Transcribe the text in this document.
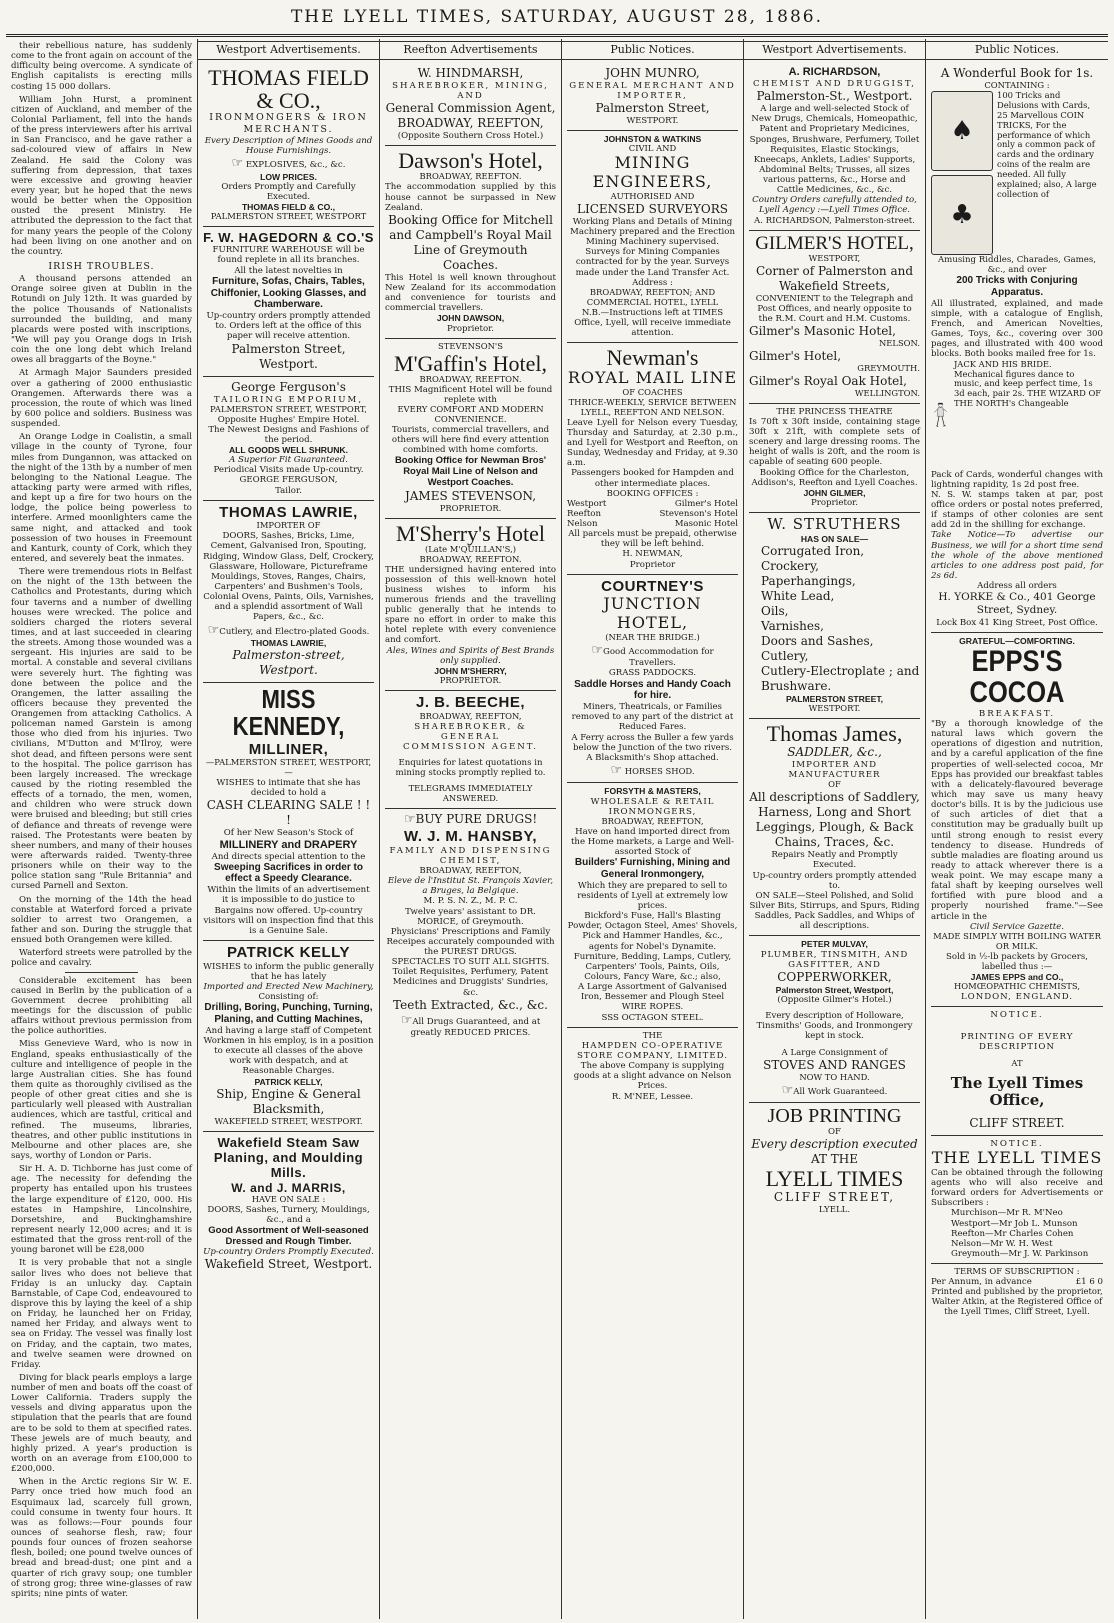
THE LYELL TIMES, SATURDAY, AUGUST 28, 1886.

their rebellious nature, has suddenly come to the front again on account of the difficulty being overcome. A syndicate of English capitalists is erecting mills costing 15 000 dollars.

William John Hurst, a prominent citizen of Auckland, and member of the Colonial Parliament, fell into the hands of the press interviewers after his arrival in San Francisco, and he gave rather a sad-coloured view of affairs in New Zealand. He said the Colony was suffering from depression, that taxes were excessive and growing heavier every year, but he hoped that the news would be better when the Opposition ousted the present Ministry. He attributed the depression to the fact that for many years the people of the Colony had been living on one another and on the country.

IRISH TROUBLES.

A thousand persons attended an Orange soiree given at Dublin in the Rotundi on July 12th. It was guarded by the police Thousands of Nationalists surrounded the building, and many placards were posted with inscriptions, "We will pay you Orange dogs in Irish coin the one long debt which Ireland owes all braggarts of the Boyne."

At Armagh Major Saunders presided over a gathering of 2000 enthusiastic Orangemen. Afterwards there was a procession, the route of which was lined by 600 police and soldiers. Business was suspended.

An Orange Lodge in Coalistin, a small village in the county of Tyrone, four miles from Dungannon, was attacked on the night of the 13th by a number of men belonging to the National League. The attacking party were armed with rifles, and kept up a fire for two hours on the lodge, the police being powerless to interfere. Armed moonlighters came the same night, and attacked and took possession of two houses in Freemount and Kanturk, county of Cork, which they entered, and severely beat the inmates.

There were tremendous riots in Belfast on the night of the 13th between the Catholics and Protestants, during which four taverns and a number of dwelling houses were wrecked. The police and soldiers charged the rioters several times, and at last succeeded in clearing the streets. Among those wounded was a sergeant. His injuries are said to be mortal. A constable and several civilians were severely hurt. The fighting was done between the police and the Orangemen, the latter assailing the officers because they prevented the Orangemen from attacking Catholics. A policeman named Garstein is among those who died from his injuries. Two civilians, M'Dutton and M'Ilroy, were shot dead, and fifteen persons were sent to the hospital. The police garrison has been largely increased. The wreckage caused by the rioting resembled the effects of a tornado, the men, women, and children who were struck down were bruised and bleeding; but still cries of defiance and threats of revenge were raised. The Protestants were beaten by sheer numbers, and many of their houses were afterwards raided. Twenty-three prisoners while on their way to the police station sang "Rule Britannia" and cursed Parnell and Sexton.

On the morning of the 14th the head constable at Waterford forced a private soldier to arrest two Orangemen, a father and son. During the struggle that ensued both Orangemen were killed.

Waterford streets were patrolled by the police and cavalry.

Considerable excitement has been caused in Berlin by the publication of a Government decree prohibiting all meetings for the discussion of public affairs without previous permission from the police authorities.

Miss Genevieve Ward, who is now in England, speaks enthusiastically of the culture and intelligence of people in the large Australian cities. She has found them quite as thoroughly civilised as the people of other great cities and she is particularly well pleased with Australian audiences, which are tastful, critical and refined. The museums, libraries, theatres, and other public institutions in Melbourne and other places are, she says, worthy of London or Paris.

Sir H. A. D. Tichborne has just come of age. The necessity for defending the property has entailed upon his trustees the large expenditure of £120, 000. His estates in Hampshire, Lincolnshire, Dorsetshire, and Buckinghamshire represent nearly 12,000 acres; and it is estimated that the gross rent-roll of the young baronet will be £28,000

It is very probable that not a single sailor lives who does not believe that Friday is an unlucky day. Captain Barnstable, of Cape Cod, endeavoured to disprove this by laying the keel of a ship on Friday, he launched her on Friday, named her Friday, and always went to sea on Friday. The vessel was finally lost on Friday, and the captain, two mates, and twelve seamen were drowned on Friday.

Diving for black pearls employs a large number of men and boats off the coast of Lower California. Traders supply the vessels and diving apparatus upon the stipulation that the pearls that are found are to be sold to them at specified rates. These jewels are of much beauty, and highly prized. A year's production is worth on an average from £100,000 to £200,000.

When in the Arctic regions Sir W. E. Parry once tried how much food an Esquimaux lad, scarcely full grown, could consume in twenty four hours. It was as follows:—Four pounds four ounces of seahorse flesh, raw; four pounds four ounces of frozen seahorse flesh, boiled; one pound twelve ounces of bread and bread-dust; one pint and a quarter of rich gravy soup; one tumbler of strong grog; three wine-glasses of raw spirits; nine pints of water.

Westport Advertisements.
THOMAS FIELD & CO.,
IRONMONGERS & IRON MERCHANTS.
Every Description of Mines Goods and House Furnishings.
☞ EXPLOSIVES, &c., &c.
LOW PRICES.
Orders Promptly and Carefully Executed.
THOMAS FIELD & CO.,
PALMERSTON STREET, WESTPORT
F. W. HAGEDORN & CO.'S
FURNITURE WAREHOUSE will be found replete in all its branches.
All the latest novelties in
Furniture, Sofas, Chairs, Tables, Chiffonier, Looking Glasses, and Chamberware.
Up-country orders promptly attended to. Orders left at the office of this paper will receive attention.
Palmerston Street, Westport.
George Ferguson's
TAILORING EMPORIUM,
PALMERSTON STREET, WESTPORT,
Opposite Hughes' Empire Hotel.
The Newest Designs and Fashions of the period.
ALL GOODS WELL SHRUNK.
A Superior Fit Guaranteed.
Periodical Visits made Up-country.
GEORGE FERGUSON,
Tailor.
THOMAS LAWRIE,
IMPORTER OF
DOORS, Sashes, Bricks, Lime, Cement, Galvanised Iron, Spouting, Ridging, Window Glass, Delf, Crockery, Glassware, Holloware, Pictureframe Mouldings, Stoves, Ranges, Chairs, Carpenters' and Bushmen's Tools, Colonial Ovens, Paints, Oils, Varnishes, and a splendid assortment of Wall Papers, &c., &c.
☞Cutlery, and Electro-plated Goods.
THOMAS LAWRIE,
Palmerston-street, Westport.
MISS KENNEDY,
MILLINER,
—PALMERSTON STREET, WESTPORT,—
WISHES to intimate that she has decided to hold a
CASH CLEARING SALE ! ! !
Of her New Season's Stock of
MILLINERY and DRAPERY
And directs special attention to the
Sweeping Sacrifices in order to effect a Speedy Clearance.
Within the limits of an advertisement it is impossible to do justice to Bargains now offered. Up-country visitors will on inspection find that this is a Genuine Sale.
PATRICK KELLY
WISHES to inform the public generally that he has lately
Imported and Erected New Machinery,
Consisting of:
Drilling, Boring, Punching, Turning, Planing, and Cutting Machines,
And having a large staff of Competent Workmen in his employ, is in a position to execute all classes of the above work with despatch, and at Reasonable Charges.
PATRICK KELLY,
Ship, Engine & General Blacksmith,
WAKEFIELD STREET, WESTPORT.
Wakefield Steam Saw Planing, and Moulding Mills.
W. and J. MARRIS,
HAVE ON SALE :
DOORS, Sashes, Turnery, Mouldings, &c., and a
Good Assortment of Well-seasoned Dressed and Rough Timber.
Up-country Orders Promptly Executed.
Wakefield Street, Westport.
Reefton Advertisements
W. HINDMARSH,
SHAREBROKER, MINING, AND
General Commission Agent,
BROADWAY, REEFTON,
(Opposite Southern Cross Hotel.)
Dawson's Hotel,
BROADWAY, REEFTON.
The accommodation supplied by this house cannot be surpassed in New Zealand.
Booking Office for Mitchell and Campbell's Royal Mail Line of Greymouth Coaches.
This Hotel is well known throughout New Zealand for its accommodation and convenience for tourists and commercial travellers.
JOHN DAWSON,
Proprietor.
STEVENSON'S
M'Gaffin's Hotel,
BROADWAY, REEFTON.
THIS Magnificent Hotel will be found replete with
EVERY COMFORT AND MODERN CONVENIENCE.
Tourists, commercial travellers, and others will here find every attention combined with home comforts.
Booking Office for Newman Bros' Royal Mail Line of Nelson and Westport Coaches.
JAMES STEVENSON,
PROPRIETOR.
M'Sherry's Hotel
(Late M'QUILLAN'S,)
BROADWAY, REEFTON.
THE undersigned having entered into possession of this well-known hotel business wishes to inform his numerous friends and the travelling public generally that he intends to spare no effort in order to make this hotel replete with every convenience and comfort.
Ales, Wines and Spirits of Best Brands only supplied.
JOHN M'SHERRY,
PROPRIETOR.
J. B. BEECHE,
BROADWAY, REEFTON,
SHAREBROKER, & GENERAL
COMMISSION AGENT.
Enquiries for latest quotations in mining stocks promptly replied to.
TELEGRAMS IMMEDIATELY ANSWERED.
☞BUY PURE DRUGS!
W. J. M. HANSBY,
FAMILY AND DISPENSING CHEMIST,
BROADWAY, REEFTON,
Eleve de l'Institut St. François Xavier, a Bruges, la Belgique.
M. P. S. N. Z., M. P. C.
Twelve years' assistant to DR. MORICE, of Greymouth.
Physicians' Prescriptions and Family Receipes accurately compounded with the PUREST DRUGS.
SPECTACLES TO SUIT ALL SIGHTS.
Toilet Requisites, Perfumery, Patent Medicines and Druggists' Sundries, &c.
Teeth Extracted, &c., &c.
☞All Drugs Guaranteed, and at greatly REDUCED PRICES.
Public Notices.
JOHN MUNRO,
GENERAL MERCHANT AND IMPORTER,
Palmerston Street,
WESTPORT.
JOHNSTON & WATKINS
CIVIL AND
MINING ENGINEERS,
AUTHORISED AND
LICENSED SURVEYORS
Working Plans and Details of Mining Machinery prepared and the Erection Mining Machinery supervised.
Surveys for Mining Companies contracted for by the year. Surveys made under the Land Transfer Act.
Address :
BROADWAY, REEFTON; AND COMMERCIAL HOTEL, LYELL
N.B.—Instructions left at TIMES Office, Lyell, will receive immediate attention.
Newman's
ROYAL MAIL LINE
OF COACHES
THRICE-WEEKLY, SERVICE BETWEEN LYELL, REEFTON AND NELSON.
Leave Lyell for Nelson every Tuesday, Thursday and Saturday, at 2.30 p.m., and Lyell for Westport and Reefton, on Sunday, Wednesday and Friday, at 9.30 a.m.
Passengers booked for Hampden and other intermediate places.
BOOKING OFFICES :
Westport	Gilmer's Hotel
Reefton	Stevenson's Hotel
Nelson	Masonic Hotel
All parcels must be prepaid, otherwise they will be left behind.
H. NEWMAN,
Proprietor
COURTNEY'S
JUNCTION HOTEL,
(NEAR THE BRIDGE.)
☞Good Accommodation for Travellers.
GRASS PADDOCKS.
Saddle Horses and Handy Coach for hire.
Miners, Theatricals, or Families removed to any part of the district at Reduced Fares.
A Ferry across the Buller a few yards below the Junction of the two rivers.
A Blacksmith's Shop attached.
☞ HORSES SHOD.
FORSYTH & MASTERS,
WHOLESALE & RETAIL IRONMONGERS,
BROADWAY, REEFTON,
Have on hand imported direct from the Home markets, a Large and Well-assorted Stock of
Builders' Furnishing, Mining and General Ironmongery,
Which they are prepared to sell to residents of Lyell at extremely low prices.
Bickford's Fuse, Hall's Blasting Powder, Octagon Steel, Ames' Shovels, Pick and Hammer Handles, &c., agents for Nobel's Dynamite.
Furniture, Bedding, Lamps, Cutlery, Carpenters' Tools, Paints, Oils, Colours, Fancy Ware, &c.; also,
A Large Assortment of Galvanised Iron, Bessemer and Plough Steel
WIRE ROPES.
SSS OCTAGON STEEL.
THE
HAMPDEN CO-OPERATIVE STORE COMPANY, LIMITED.
The above Company is supplying goods at a slight advance on Nelson Prices.
R. M'NEE, Lessee.
Westport Advertisements.
A. RICHARDSON,
CHEMIST AND DRUGGIST,
Palmerston-St., Westport.
A large and well-selected Stock of New Drugs, Chemicals, Homeopathic, Patent and Proprietary Medicines, Sponges, Brushware, Perfumery, Toilet Requisites, Elastic Stockings, Kneecaps, Anklets, Ladies' Supports, Abdominal Belts; Trusses, all sizes various patterns, &c., Horse and Cattle Medicines, &c., &c.
Country Orders carefully attended to, Lyell Agency :—Lyell Times Office.
A. RICHARDSON, Palmerston-street.
GILMER'S HOTEL,
WESTPORT,
Corner of Palmerston and Wakefield Streets,
CONVENIENT to the Telegraph and Post Offices, and nearly opposite to the R.M. Court and H.M. Customs.
Gilmer's Masonic Hotel,
NELSON.
Gilmer's Hotel,
GREYMOUTH.
Gilmer's Royal Oak Hotel,
WELLINGTON.
THE PRINCESS THEATRE
Is 70ft x 30ft inside, containing stage 30ft x 21ft, with complete sets of scenery and large dressing rooms. The height of walls is 20ft, and the room is capable of seating 600 people.
Booking Office for the Charleston, Addison's, Reefton and Lyell Coaches.
JOHN GILMER,
Proprietor.
W. STRUTHERS
HAS ON SALE—
Corrugated Iron,
Crockery,
Paperhangings,
White Lead,
Oils,
Varnishes,
Doors and Sashes,
Cutlery,
Cutlery-Electroplate ; and
Brushware.
PALMERSTON STREET,
WESTPORT.
Thomas James,
SADDLER, &c.,
IMPORTER AND MANUFACTURER
OF
All descriptions of Saddlery, Harness, Long and Short Leggings, Plough, & Back Chains, Traces, &c.
Repairs Neatly and Promptly Executed.
Up-country orders promptly attended to.
ON SALE—Steel Polished, and Solid Silver Bits, Stirrups, and Spurs, Riding Saddles, Pack Saddles, and Whips of all descriptions.
PETER MULVAY,
PLUMBER, TINSMITH, AND GASFITTER, AND
COPPERWORKER,
Palmerston Street, Westport,
(Opposite Gilmer's Hotel.)
Every description of Holloware, Tinsmiths' Goods, and Ironmongery kept in stock.
A Large Consignment of
STOVES AND RANGES
NOW TO HAND.
☞All Work Guaranteed.
JOB PRINTING
OF
Every description executed
AT THE
LYELL TIMES
CLIFF STREET,
LYELL.
Public Notices.
A Wonderful Book for 1s.
CONTAINING :
♠
♣
100 Tricks and Delusions with Cards, 25 Marvellous COIN TRICKS, For the performance of which only a common pack of cards and the ordinary coins of the realm are needed. All fully explained; also, A large collection of
Amusing Riddles, Charades, Games, &c., and over
200 Tricks with Conjuring Apparatus.
All illustrated, explained, and made simple, with a catalogue of English, French, and American Novelties, Games, Toys, &c., covering over 300 pages, and illustrated with 400 wood blocks. Both books mailed free for 1s.
JACK AND HIS BRIDE. Mechanical figures dance to music, and keep perfect time, 1s 3d each, pair 2s. THE WIZARD OF THE NORTH's Changeable
Pack of Cards, wonderful changes with lightning rapidity, 1s 2d post free.
N. S. W. stamps taken at par, post office orders or postal notes preferred, if stamps of other colonies are sent add 2d in the shilling for exchange.
Take Notice—To advertise our Business, we will for a short time send the whole of the above mentioned articles to one address post paid, for 2s 6d.
Address all orders
H. YORKE & Co., 401 George Street, Sydney.
Lock Box 41 King Street, Post Office.
GRATEFUL—COMFORTING.
EPPS'S COCOA
BREAKFAST.
"By a thorough knowledge of the natural laws which govern the operations of digestion and nutrition, and by a careful application of the fine properties of well-selected cocoa, Mr Epps has provided our breakfast tables with a delicately-flavoured beverage which may save us many heavy doctor's bills. It is by the judicious use of such articles of diet that a constitution may be gradually built up until strong enough to resist every tendency to disease. Hundreds of subtle maladies are floating around us ready to attack wherever there is a weak point. We may escape many a fatal shaft by keeping ourselves well fortified with pure blood and a properly nourished frame."—See article in the
Civil Service Gazette.
MADE SIMPLY WITH BOILING WATER OR MILK.
Sold in ½-lb packets by Grocers, labelled thus :—
JAMES EPPS and CO.,
HOMŒOPATHIC CHEMISTS,
LONDON, ENGLAND.
NOTICE.
PRINTING OF EVERY DESCRIPTION
AT
The Lyell Times Office,
CLIFF STREET.
NOTICE.
THE LYELL TIMES
Can be obtained through the following agents who will also receive and forward orders for Advertisements or Subscribers :
Murchison—Mr R. M'Neo
Westport—Mr Job L. Munson
Reefton—Mr Charles Cohen
Nelson—Mr W. H. West
Greymouth—Mr J. W. Parkinson
TERMS OF SUBSCRIPTION :
Per Annum, in advance	£1 6 0
Printed and published by the proprietor, Walter Atkin, at the Registered Office of the Lyell Times, Cliff Street, Lyell.
